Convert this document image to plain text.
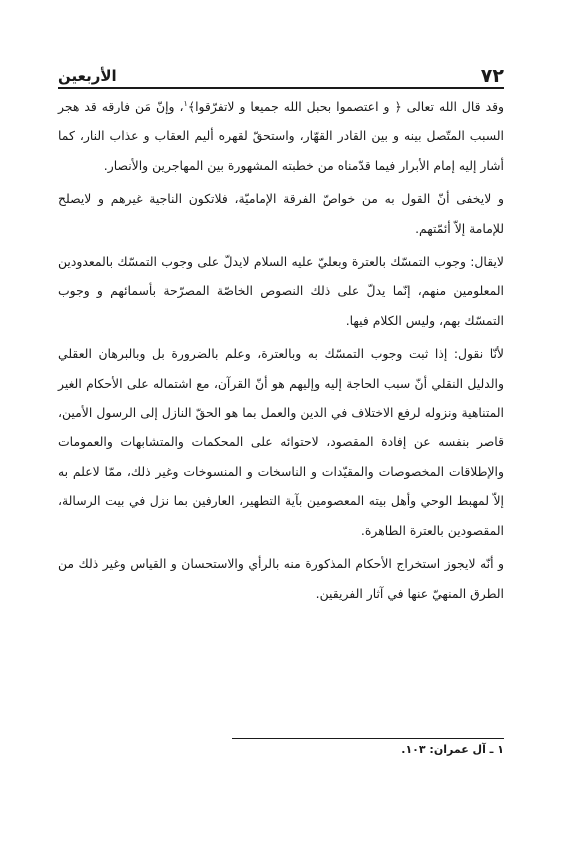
٧٢
الأربعين

وقد قال الله تعالى ﴿ و اعتصموا بحبل الله جميعا و لاتفرّقوا﴾$^١$، وإنّ مَن فارقه قد هجر السبب المتّصل بينه و بين القادر القهّار، واستحقّ لقهره أليم العقاب و عذاب النار، كما أشار إليه إمام الأبرار فيما قدّمناه من خطبته المشهورة بين المهاجرين والأنصار.

و لايخفى أنّ القول به من خواصّ الفرقة الإماميّة، فلاتكون الناجية غيرهم و لايصلح للإمامة إلاّ أئمّتهم.

لايقال: وجوب التمسّك بالعترة وبعليّ عليه السلام لايدلّ على وجوب التمسّك بالمعدودين المعلومين منهم، إنّما يدلّ على ذلك النصوص الخاصّة المصرّحة بأسمائهم و وجوب التمسّك بهم، وليس الكلام فيها.

لأنّا نقول: إذا ثبت وجوب التمسّك به وبالعترة، وعلم بالضرورة بل وبالبرهان العقلي والدليل النقلي أنّ سبب الحاجة إليه وإليهم هو أنّ القرآن، مع اشتماله على الأحكام الغير المتناهية ونزوله لرفع الاختلاف في الدين والعمل بما هو الحقّ النازل إلى الرسول الأمين، قاصر بنفسه عن إفادة المقصود، لاحتوائه على المحكمات والمتشابهات والعمومات والإطلاقات المخصوصات والمقيّدات و الناسخات و المنسوخات وغير ذلك، ممّا لاعلم به إلاّ لمهبط الوحي وأهل بيته المعصومين بآية التطهير، العارفين بما نزل في بيت الرسالة، المقصودين بالعترة الطاهرة.

و أنّه لايجوز استخراج الأحكام المذكورة منه بالرأي والاستحسان و القياس وغير ذلك من الطرق المنهيّ عنها في آثار الفريقين.

١ ـ آل عمران: ١٠٣.
